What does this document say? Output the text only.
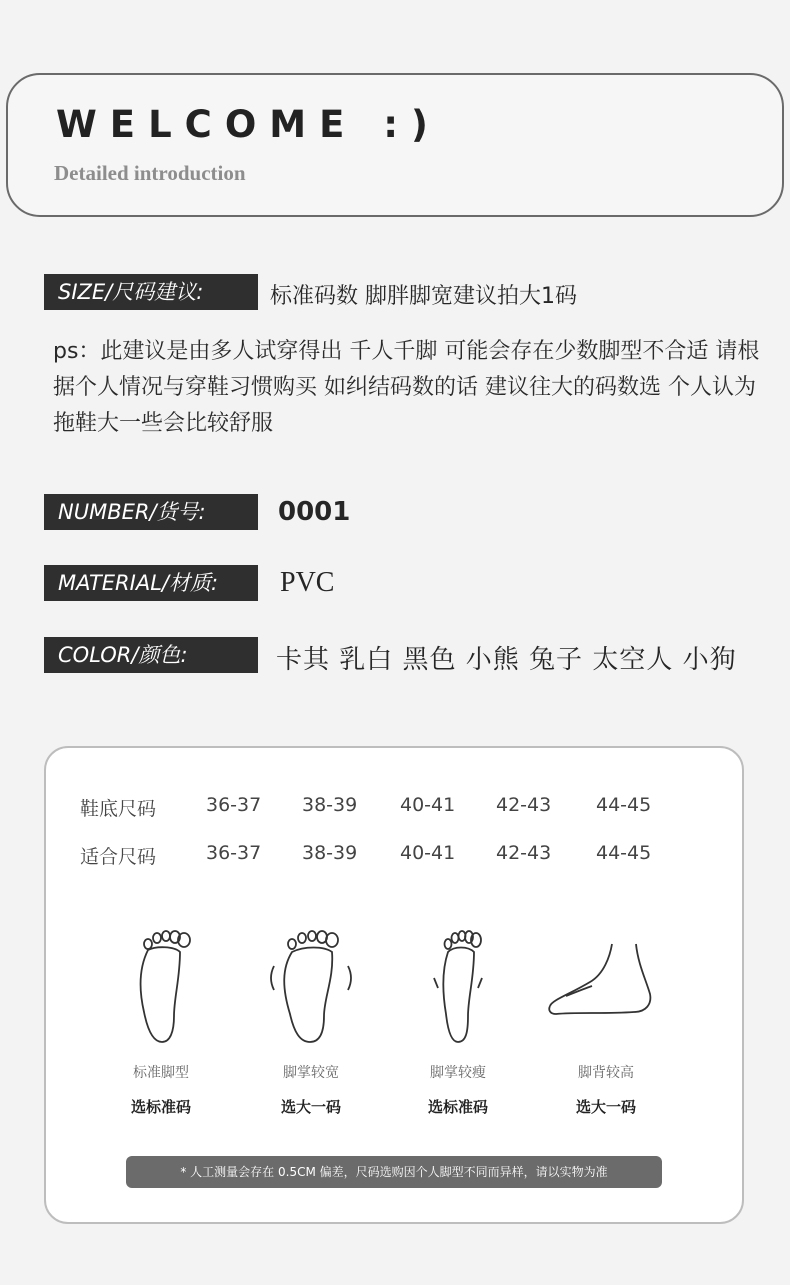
WELCOME :)
Detailed introduction
SIZE/尺码建议:	标准码数 脚胖脚宽建议拍大1码
ps：此建议是由多人试穿得出 千人千脚 可能会存在少数脚型不合适 请根据个人情况与穿鞋习惯购买 如纠结码数的话 建议往大的码数选 个人认为拖鞋大一些会比较舒服
NUMBER/货号:	0001
MATERIAL/材质:	PVC
COLOR/颜色:	卡其 乳白 黑色 小熊 兔子 太空人 小狗
鞋底尺码	36-37 38-39 40-41 42-43 44-45
适合尺码	36-37 38-39 40-41 42-43 44-45
标准脚型
选标准码
脚掌较宽
选大一码
脚掌较瘦
选标准码
脚背较高
选大一码
* 人工测量会存在 0.5CM 偏差，尺码选购因个人脚型不同而异样，请以实物为准
